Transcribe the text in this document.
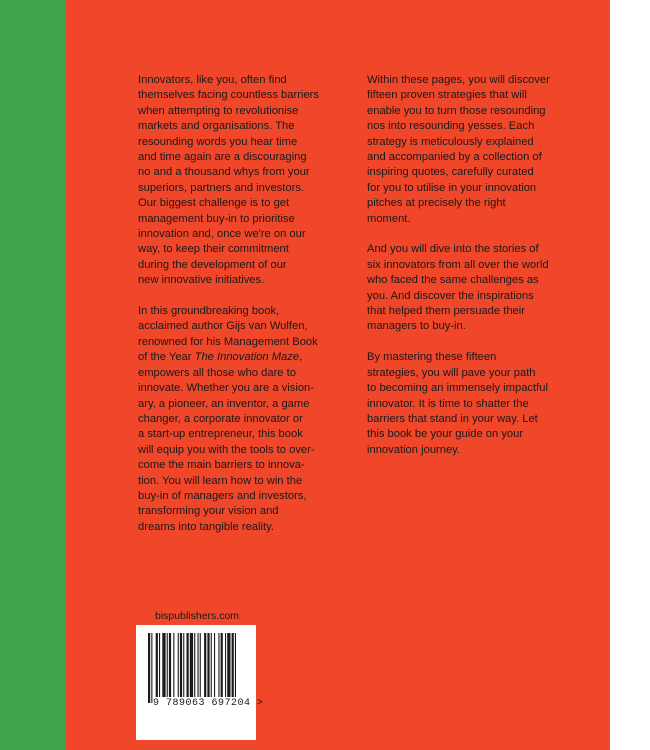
Innovators, like you, often find
themselves facing countless barriers
when attempting to revolutionise
markets and organisations. The
resounding words you hear time
and time again are a discouraging
no and a thousand whys from your
superiors, partners and investors.
Our biggest challenge is to get
management buy-in to prioritise
innovation and, once we're on our
way, to keep their commitment
during the development of our
new innovative initiatives.

In this groundbreaking book,
acclaimed author Gijs van Wulfen,
renowned for his Management Book
of the Year The Innovation Maze,
empowers all those who dare to
innovate. Whether you are a vision-
ary, a pioneer, an inventor, a game
changer, a corporate innovator or
a start-up entrepreneur, this book
will equip you with the tools to over-
come the main barriers to innova-
tion. You will learn how to win the
buy-in of managers and investors,
transforming your vision and
dreams into tangible reality.

Within these pages, you will discover
fifteen proven strategies that will
enable you to turn those resounding
nos into resounding yesses. Each
strategy is meticulously explained
and accompanied by a collection of
inspiring quotes, carefully curated
for you to utilise in your innovation
pitches at precisely the right
moment.

And you will dive into the stories of
six innovators from all over the world
who faced the same challenges as
you. And discover the inspirations
that helped them persuade their
managers to buy-in.

By mastering these fifteen
strategies, you will pave your path
to becoming an immensely impactful
innovator. It is time to shatter the
barriers that stand in your way. Let
this book be your guide on your
innovation journey.

bispublishers.com
9 789063 697204 >
